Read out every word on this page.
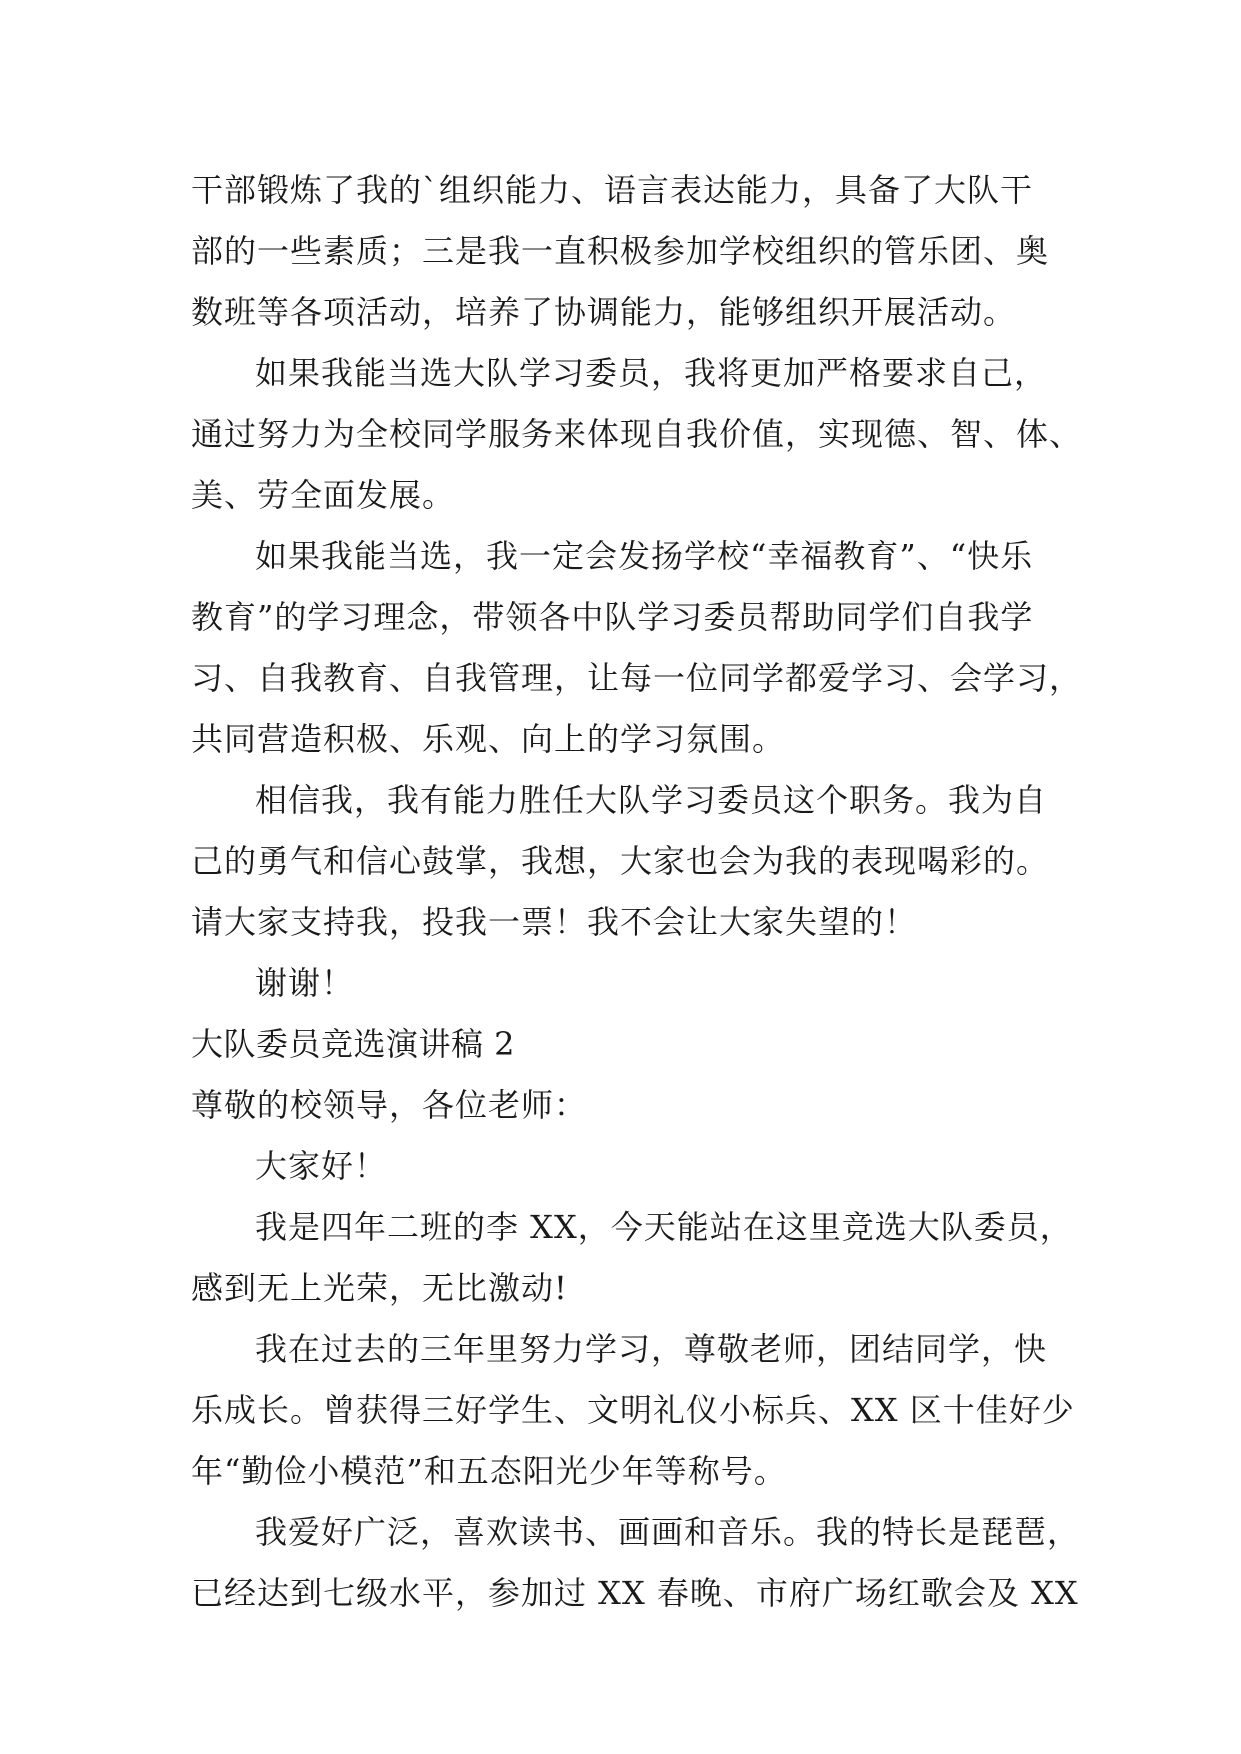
干部锻炼了我的`组织能力、语言表达能力，具备了大队干
部的一些素质；三是我一直积极参加学校组织的管乐团、奥
数班等各项活动，培养了协调能力，能够组织开展活动。
如果我能当选大队学习委员，我将更加严格要求自己，
通过努力为全校同学服务来体现自我价值，实现德、智、体、
美、劳全面发展。
如果我能当选，我一定会发扬学校“幸福教育”、“快乐
教育”的学习理念，带领各中队学习委员帮助同学们自我学
习、自我教育、自我管理，让每一位同学都爱学习、会学习，
共同营造积极、乐观、向上的学习氛围。
相信我，我有能力胜任大队学习委员这个职务。我为自
己的勇气和信心鼓掌，我想，大家也会为我的表现喝彩的。
请大家支持我，投我一票！我不会让大家失望的！
谢谢！
大队委员竞选演讲稿 2
尊敬的校领导，各位老师：
大家好！
我是四年二班的李 XX，今天能站在这里竞选大队委员，
感到无上光荣，无比激动!
我在过去的三年里努力学习，尊敬老师，团结同学，快
乐成长。曾获得三好学生、文明礼仪小标兵、XX 区十佳好少
年“勤俭小模范”和五态阳光少年等称号。
我爱好广泛，喜欢读书、画画和音乐。我的特长是琵琶，
已经达到七级水平，参加过 XX 春晚、市府广场红歌会及 XX
